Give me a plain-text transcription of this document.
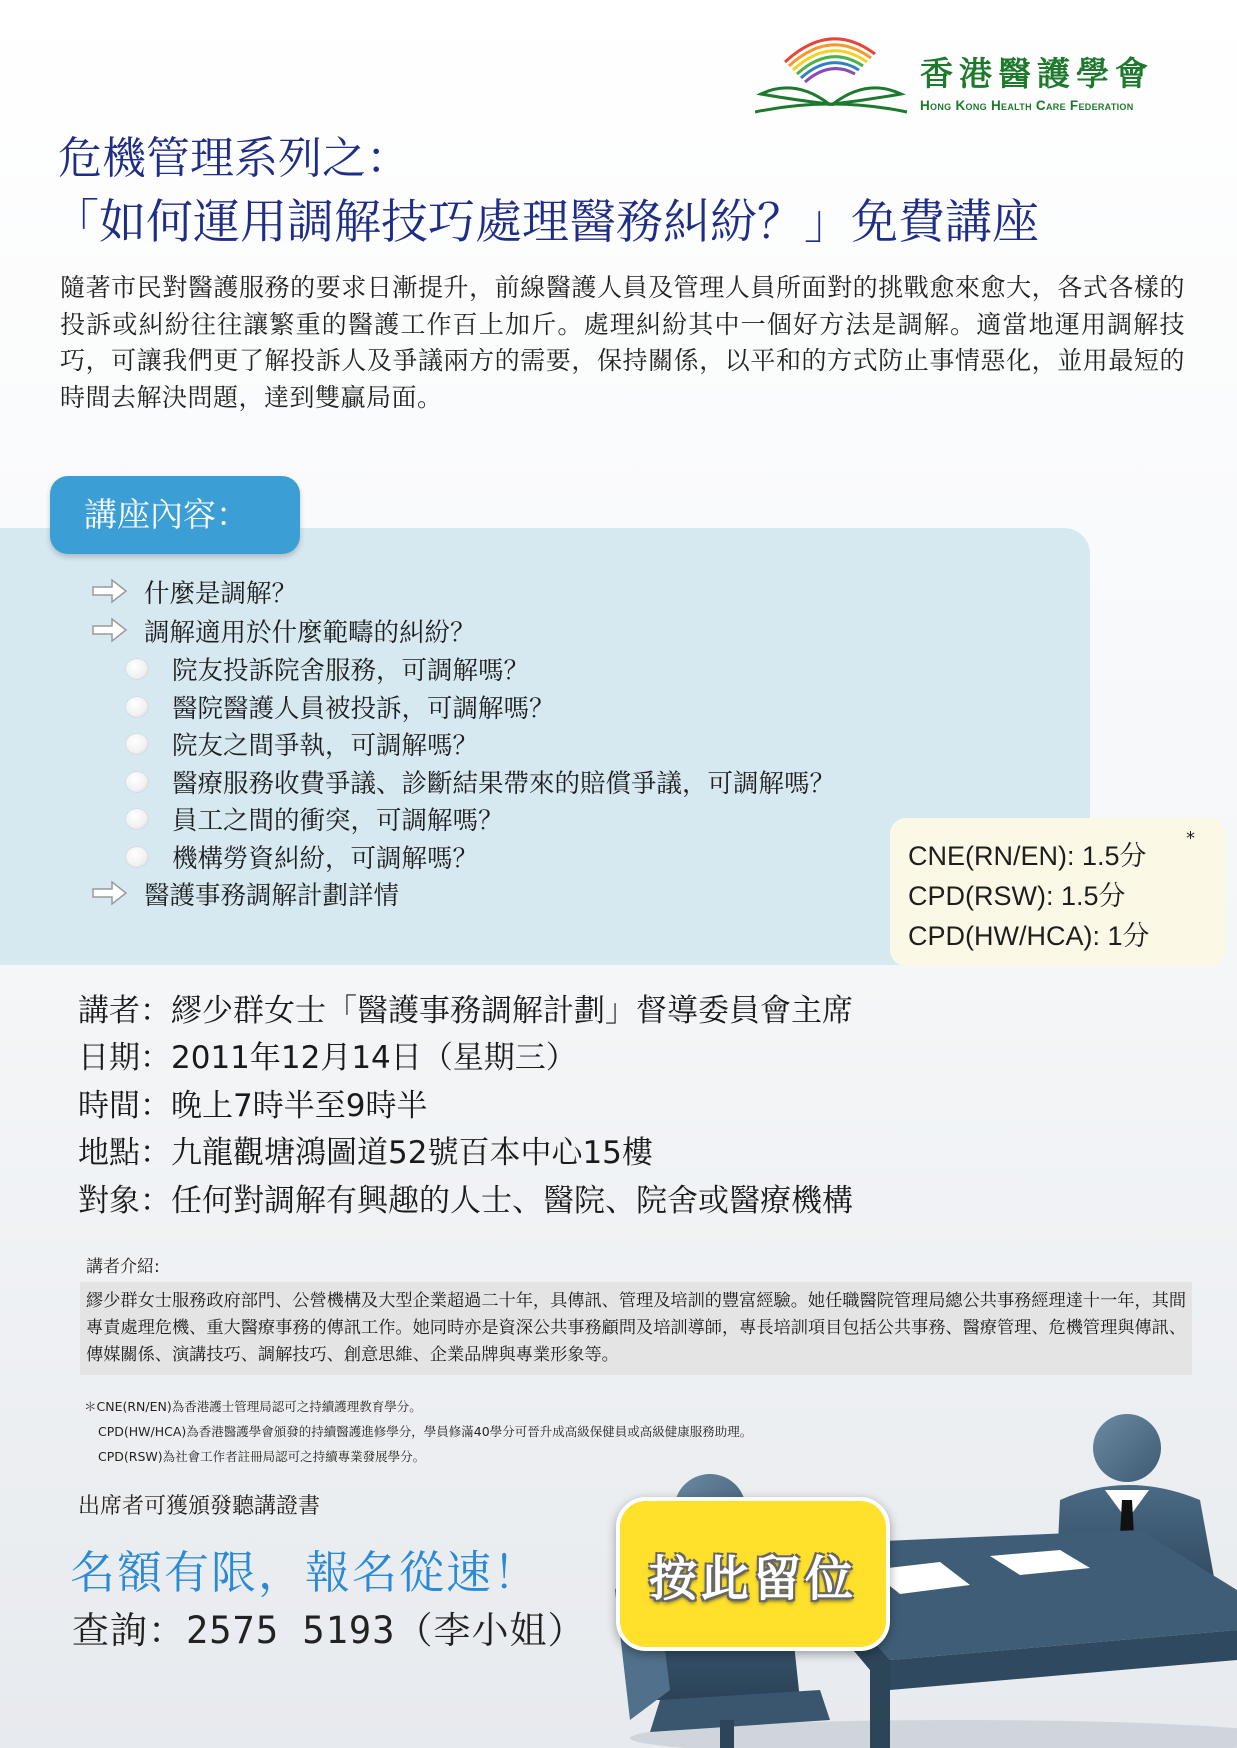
香港醫護學會
Hong Kong Health Care Federation
危機管理系列之：
「如何運用調解技巧處理醫務糾紛？」免費講座
隨著市民對醫護服務的要求日漸提升，前線醫護人員及管理人員所面對的挑戰愈來愈大，各式各樣的投訴或糾紛往往讓繁重的醫護工作百上加斤。處理糾紛其中一個好方法是調解。適當地運用調解技巧，可讓我們更了解投訴人及爭議兩方的需要，保持關係，以平和的方式防止事情惡化，並用最短的時間去解決問題，達到雙贏局面。
講座內容：
什麼是調解？
調解適用於什麼範疇的糾紛？
院友投訴院舍服務，可調解嗎？
醫院醫護人員被投訴，可調解嗎？
院友之間爭執，可調解嗎？
醫療服務收費爭議、診斷結果帶來的賠償爭議，可調解嗎？
員工之間的衝突，可調解嗎？
機構勞資糾紛，可調解嗎？
醫護事務調解計劃詳情
CNE(RN/EN): 1.5分
CPD(RSW): 1.5分
CPD(HW/HCA): 1分
*
講者：繆少群女士「醫護事務調解計劃」督導委員會主席
日期：2011年12月14日（星期三）
時間：晚上7時半至9時半
地點：九龍觀塘鴻圖道52號百本中心15樓
對象：任何對調解有興趣的人士、醫院、院舍或醫療機構
講者介紹:
繆少群女士服務政府部門、公營機構及大型企業超過二十年，具傳訊、管理及培訓的豐富經驗。她任職醫院管理局總公共事務經理達十一年，其間專責處理危機、重大醫療事務的傳訊工作。她同時亦是資深公共事務顧問及培訓導師，專長培訓項目包括公共事務、醫療管理、危機管理與傳訊、傳媒關係、演講技巧、調解技巧、創意思維、企業品牌與專業形象等。
＊CNE(RN/EN)為香港護士管理局認可之持續護理教育學分。
CPD(HW/HCA)為香港醫護學會頒發的持續醫護進修學分，學員修滿40學分可晉升成高級保健員或高級健康服務助理。
CPD(RSW)為社會工作者註冊局認可之持續專業發展學分。
出席者可獲頒發聽講證書
名額有限，報名從速！
查詢：2575 5193（李小姐）
按此留位
